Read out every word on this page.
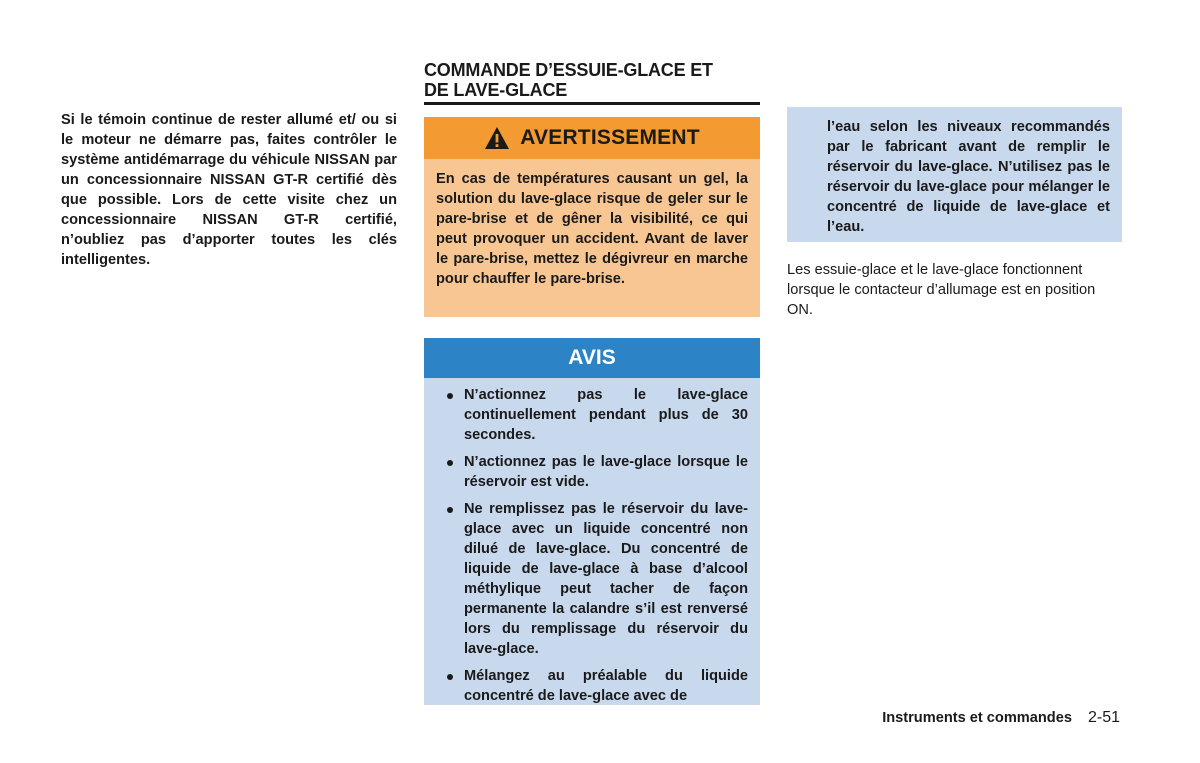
Si le témoin continue de rester allumé et/ ou si le moteur ne démarre pas, faites contrôler le système antidémarrage du véhicule NISSAN par un concessionnaire NISSAN GT-R certifié dès que possible. Lors de cette visite chez un concessionnaire NISSAN GT-R certifié, n’oubliez pas d’apporter toutes les clés intelligentes.

COMMANDE D’ESSUIE-GLACE ET
DE LAVE-GLACE
AVERTISSEMENT

En cas de températures causant un gel, la solution du lave-glace risque de geler sur le pare-brise et de gêner la visibilité, ce qui peut provoquer un accident. Avant de laver le pare-brise, mettez le dégivreur en marche pour chauffer le pare-brise.

AVIS
N’actionnez pas le lave-glace continuellement pendant plus de 30 secondes.
N’actionnez pas le lave-glace lorsque le réservoir est vide.
Ne remplissez pas le réservoir du lave-glace avec un liquide concentré non dilué de lave-glace. Du concentré de liquide de lave-glace à base d’alcool méthylique peut tacher de façon permanente la calandre s’il est renversé lors du remplissage du réservoir du lave-glace.
Mélangez au préalable du liquide concentré de lave-glace avec de

l’eau selon les niveaux recommandés par le fabricant avant de remplir le réservoir du lave-glace. N’utilisez pas le réservoir du lave-glace pour mélanger le concentré de liquide de lave-glace et l’eau.

Les essuie-glace et le lave-glace fonctionnent lorsque le contacteur d’allumage est en position ON.

Instruments et commandes 2-51
